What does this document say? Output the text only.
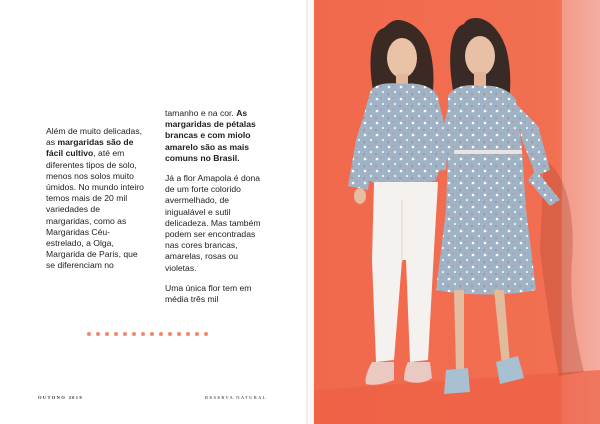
Além de muito delicadas, as margaridas são de fácil cultivo, até em diferentes tipos de solo, menos nos solos muito úmidos. No mundo inteiro temos mais de 20 mil variedades de margaridas, como as Margaridas Céu-estrelado, a Olga, Margarida de Paris, que se diferenciam no

tamanho e na cor. As margaridas de pétalas brancas e com miolo amarelo são as mais comuns no Brasil.

Já a flor Amapola é dona de um forte colorido avermelhado, de inigualável e sutil delicadeza. Mas também podem ser encontradas nas cores brancas, amarelas, rosas ou violetas.

Uma única flor tem em média três mil

OUTONO 2019	RESERVA NATURAL
